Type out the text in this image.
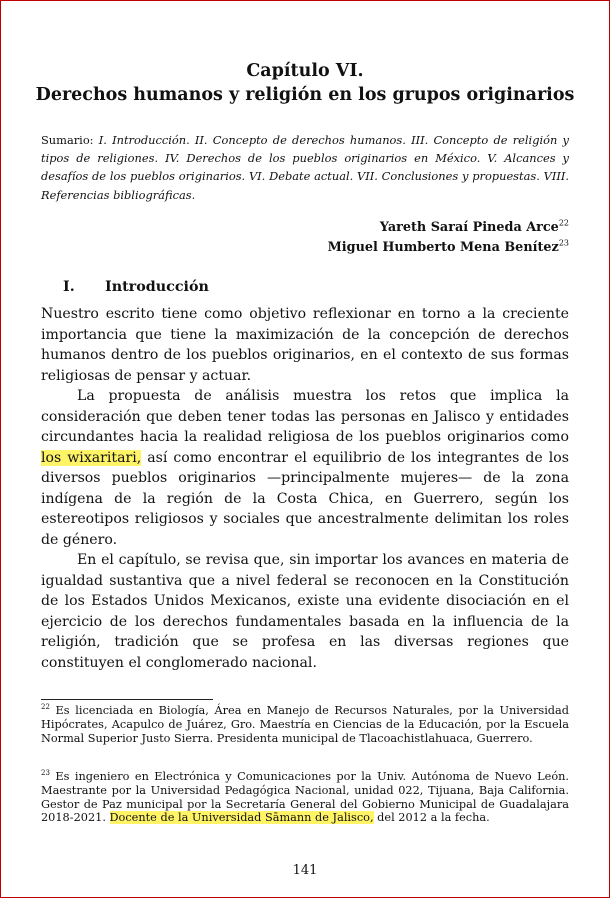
Capítulo VI.
Derechos humanos y religión en los grupos originarios
Sumario: I. Introducción. II. Concepto de derechos humanos. III. Concepto de religión y tipos de religiones. IV. Derechos de los pueblos originarios en México. V. Alcances y desafíos de los pueblos originarios. VI. Debate actual. VII. Conclusiones y propuestas. VIII. Referencias bibliográficas.
Yareth Saraí Pineda Arce$^{22}$
Miguel Humberto Mena Benítez$^{23}$
I. Introducción

Nuestro escrito tiene como objetivo reflexionar en torno a la creciente importancia que tiene la maximización de la concepción de derechos humanos dentro de los pueblos originarios, en el contexto de sus formas religiosas de pensar y actuar.

La propuesta de análisis muestra los retos que implica la consideración que deben tener todas las personas en Jalisco y entidades circundantes hacia la realidad religiosa de los pueblos originarios como los wixaritari, así como encontrar el equilibrio de los integrantes de los diversos pueblos originarios —principalmente mujeres— de la zona indígena de la región de la Costa Chica, en Guerrero, según los estereotipos religiosos y sociales que ancestralmente delimitan los roles de género.

En el capítulo, se revisa que, sin importar los avances en materia de igualdad sustantiva que a nivel federal se reconocen en la Constitución de los Estados Unidos Mexicanos, existe una evidente disociación en el ejercicio de los derechos fundamentales basada en la influencia de la religión, tradición que se profesa en las diversas regiones que constituyen el conglomerado nacional.

$^{22}$ Es licenciada en Biología, Área en Manejo de Recursos Naturales, por la Universidad Hipócrates, Acapulco de Juárez, Gro. Maestría en Ciencias de la Educación, por la Escuela Normal Superior Justo Sierra. Presidenta municipal de Tlacoachistlahuaca, Guerrero.
$^{23}$ Es ingeniero en Electrónica y Comunicaciones por la Univ. Autónoma de Nuevo León. Maestrante por la Universidad Pedagógica Nacional, unidad 022, Tijuana, Baja California. Gestor de Paz municipal por la Secretaría General del Gobierno Municipal de Guadalajara 2018-2021. Docente de la Universidad Sāmann de Jalisco, del 2012 a la fecha.
141
